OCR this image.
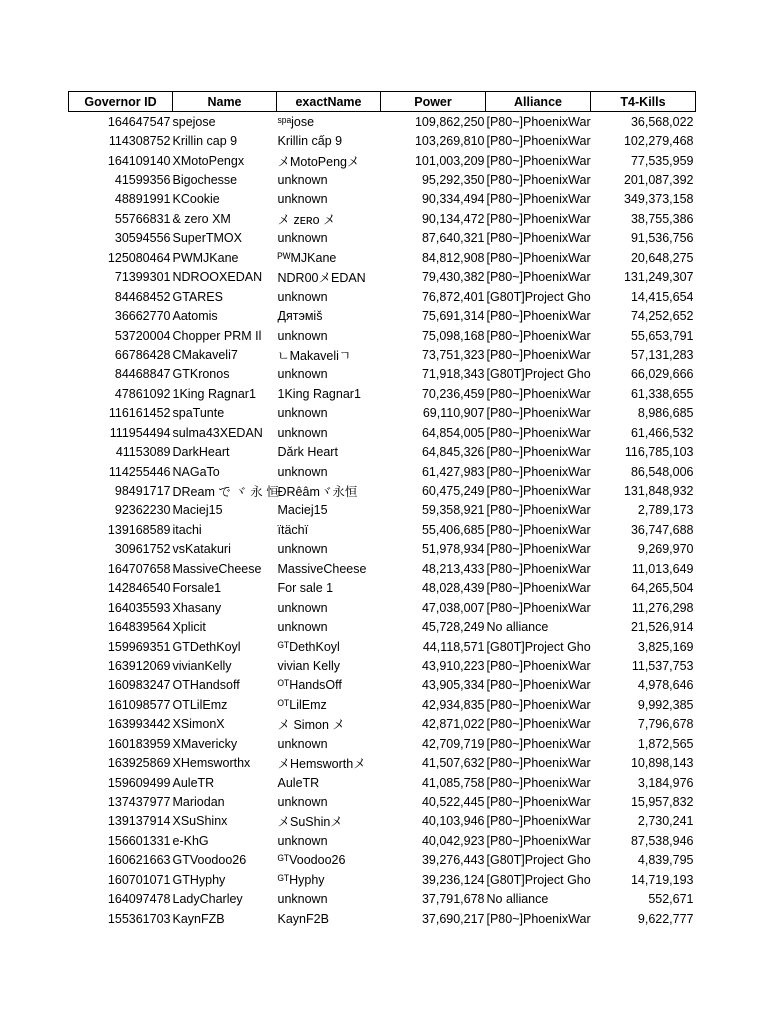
Governor ID	Name	exactName	Power	Alliance	T4-Kills
164647547	spejose	ˢᵖᵃjose	109,862,250	[P80~]PhoenixWar	36,568,022
114308752	Krillin cap 9	Krillin cấp 9	103,269,810	[P80~]PhoenixWar	102,279,468
164109140	XMotoPengx	メMotoPengメ	101,003,209	[P80~]PhoenixWar	77,535,959
41599356	Bigochesse	unknown	95,292,350	[P80~]PhoenixWar	201,087,392
48891991	KCookie	unknown	90,334,494	[P80~]PhoenixWar	349,373,158
55766831	& zero XM	メ ᴢᴇʀᴏ メ	90,134,472	[P80~]PhoenixWar	38,755,386
30594556	SuperTMOX	unknown	87,640,321	[P80~]PhoenixWar	91,536,756
125080464	PWMJKane	ᴾᵂMJKane	84,812,908	[P80~]PhoenixWar	20,648,275
71399301	NDROOXEDAN	NDR00メEDAN	79,430,382	[P80~]PhoenixWar	131,249,307
84468452	GTARES	unknown	76,872,401	[G80T]Project Gho	14,415,654
36662770	Aatomis	Дятэміš	75,691,314	[P80~]PhoenixWar	74,252,652
53720004	Chopper PRM Il	unknown	75,098,168	[P80~]PhoenixWar	55,653,791
66786428	CMakaveli7	ㄴMakaveliㄱ	73,751,323	[P80~]PhoenixWar	57,131,283
84468847	GTKronos	unknown	71,918,343	[G80T]Project Gho	66,029,666
47861092	1King Ragnar1	1King Ragnar1	70,236,459	[P80~]PhoenixWar	61,338,655
116161452	spaTunte	unknown	69,110,907	[P80~]PhoenixWar	8,986,685
111954494	sulma43XEDAN	unknown	64,854,005	[P80~]PhoenixWar	61,466,532
41153089	DarkHeart	Dǎrk Heart	64,845,326	[P80~]PhoenixWar	116,785,103
114255446	NAGaTo	unknown	61,427,983	[P80~]PhoenixWar	86,548,006
98491717	DReam で ヾ 永 恒	ÐRêâmヾ永恒	60,475,249	[P80~]PhoenixWar	131,848,932
92362230	Maciej15	Maciej15	59,358,921	[P80~]PhoenixWar	2,789,173
139168589	itachi	ïtächï	55,406,685	[P80~]PhoenixWar	36,747,688
30961752	vsKatakuri	unknown	51,978,934	[P80~]PhoenixWar	9,269,970
164707658	MassiveCheese	MassiveCheese	48,213,433	[P80~]PhoenixWar	11,013,649
142846540	Forsale1	For sale 1	48,028,439	[P80~]PhoenixWar	64,265,504
164035593	Xhasany	unknown	47,038,007	[P80~]PhoenixWar	11,276,298
164839564	Xplicit	unknown	45,728,249	No alliance	21,526,914
159969351	GTDethKoyl	ᴳᵀDethKoyl	44,118,571	[G80T]Project Gho	3,825,169
163912069	vivianKelly	vivian Kelly	43,910,223	[P80~]PhoenixWar	11,537,753
160983247	OTHandsoff	ᴼᵀHandsOff	43,905,334	[P80~]PhoenixWar	4,978,646
161098577	OTLilEmz	ᴼᵀLilEmz	42,934,835	[P80~]PhoenixWar	9,992,385
163993442	XSimonX	メ Simon メ	42,871,022	[P80~]PhoenixWar	7,796,678
160183959	XMavericky	unknown	42,709,719	[P80~]PhoenixWar	1,872,565
163925869	XHemsworthx	メHemsworthメ	41,507,632	[P80~]PhoenixWar	10,898,143
159609499	AuleTR	AuleTR	41,085,758	[P80~]PhoenixWar	3,184,976
137437977	Mariodan	unknown	40,522,445	[P80~]PhoenixWar	15,957,832
139137914	XSuShinx	メSuShinメ	40,103,946	[P80~]PhoenixWar	2,730,241
156601331	e-KhG	unknown	40,042,923	[P80~]PhoenixWar	87,538,946
160621663	GTVoodoo26	ᴳᵀVoodoo26	39,276,443	[G80T]Project Gho	4,839,795
160701071	GTHyphy	ᴳᵀHyphy	39,236,124	[G80T]Project Gho	14,719,193
164097478	LadyCharley	unknown	37,791,678	No alliance	552,671
155361703	KaynFZB	KaynF2B	37,690,217	[P80~]PhoenixWar	9,622,777
